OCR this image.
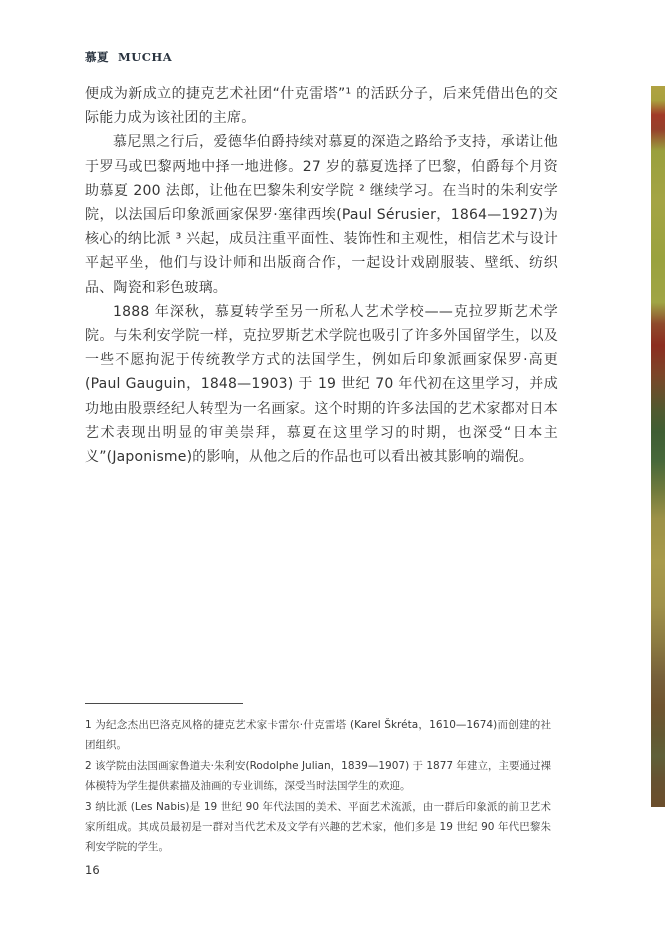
慕夏  MUCHA

便成为新成立的捷克艺术社团“什克雷塔”¹ 的活跃分子，后来凭借出色的交际能力成为该社团的主席。

慕尼黑之行后，爱德华伯爵持续对慕夏的深造之路给予支持，承诺让他于罗马或巴黎两地中择一地进修。27 岁的慕夏选择了巴黎，伯爵每个月资助慕夏 200 法郎，让他在巴黎朱利安学院 ² 继续学习。在当时的朱利安学院，以法国后印象派画家保罗·塞律西埃(Paul Sérusier，1864—1927)为核心的纳比派 ³ 兴起，成员注重平面性、装饰性和主观性，相信艺术与设计平起平坐，他们与设计师和出版商合作，一起设计戏剧服装、壁纸、纺织品、陶瓷和彩色玻璃。

1888 年深秋，慕夏转学至另一所私人艺术学校——克拉罗斯艺术学院。与朱利安学院一样，克拉罗斯艺术学院也吸引了许多外国留学生，以及一些不愿拘泥于传统教学方式的法国学生，例如后印象派画家保罗·高更 (Paul Gauguin，1848—1903) 于 19 世纪 70 年代初在这里学习，并成功地由股票经纪人转型为一名画家。这个时期的许多法国的艺术家都对日本艺术表现出明显的审美崇拜，慕夏在这里学习的时期，也深受“日本主义”(Japonisme)的影响，从他之后的作品也可以看出被其影响的端倪。

1 为纪念杰出巴洛克风格的捷克艺术家卡雷尔·什克雷塔 (Karel Škréta，1610—1674)而创建的社团组织。

2 该学院由法国画家鲁道夫·朱利安(Rodolphe Julian，1839—1907) 于 1877 年建立，主要通过裸体模特为学生提供素描及油画的专业训练，深受当时法国学生的欢迎。

3 纳比派 (Les Nabis)是 19 世纪 90 年代法国的美术、平面艺术流派，由一群后印象派的前卫艺术家所组成。其成员最初是一群对当代艺术及文学有兴趣的艺术家，他们多是 19 世纪 90 年代巴黎朱利安学院的学生。

16
